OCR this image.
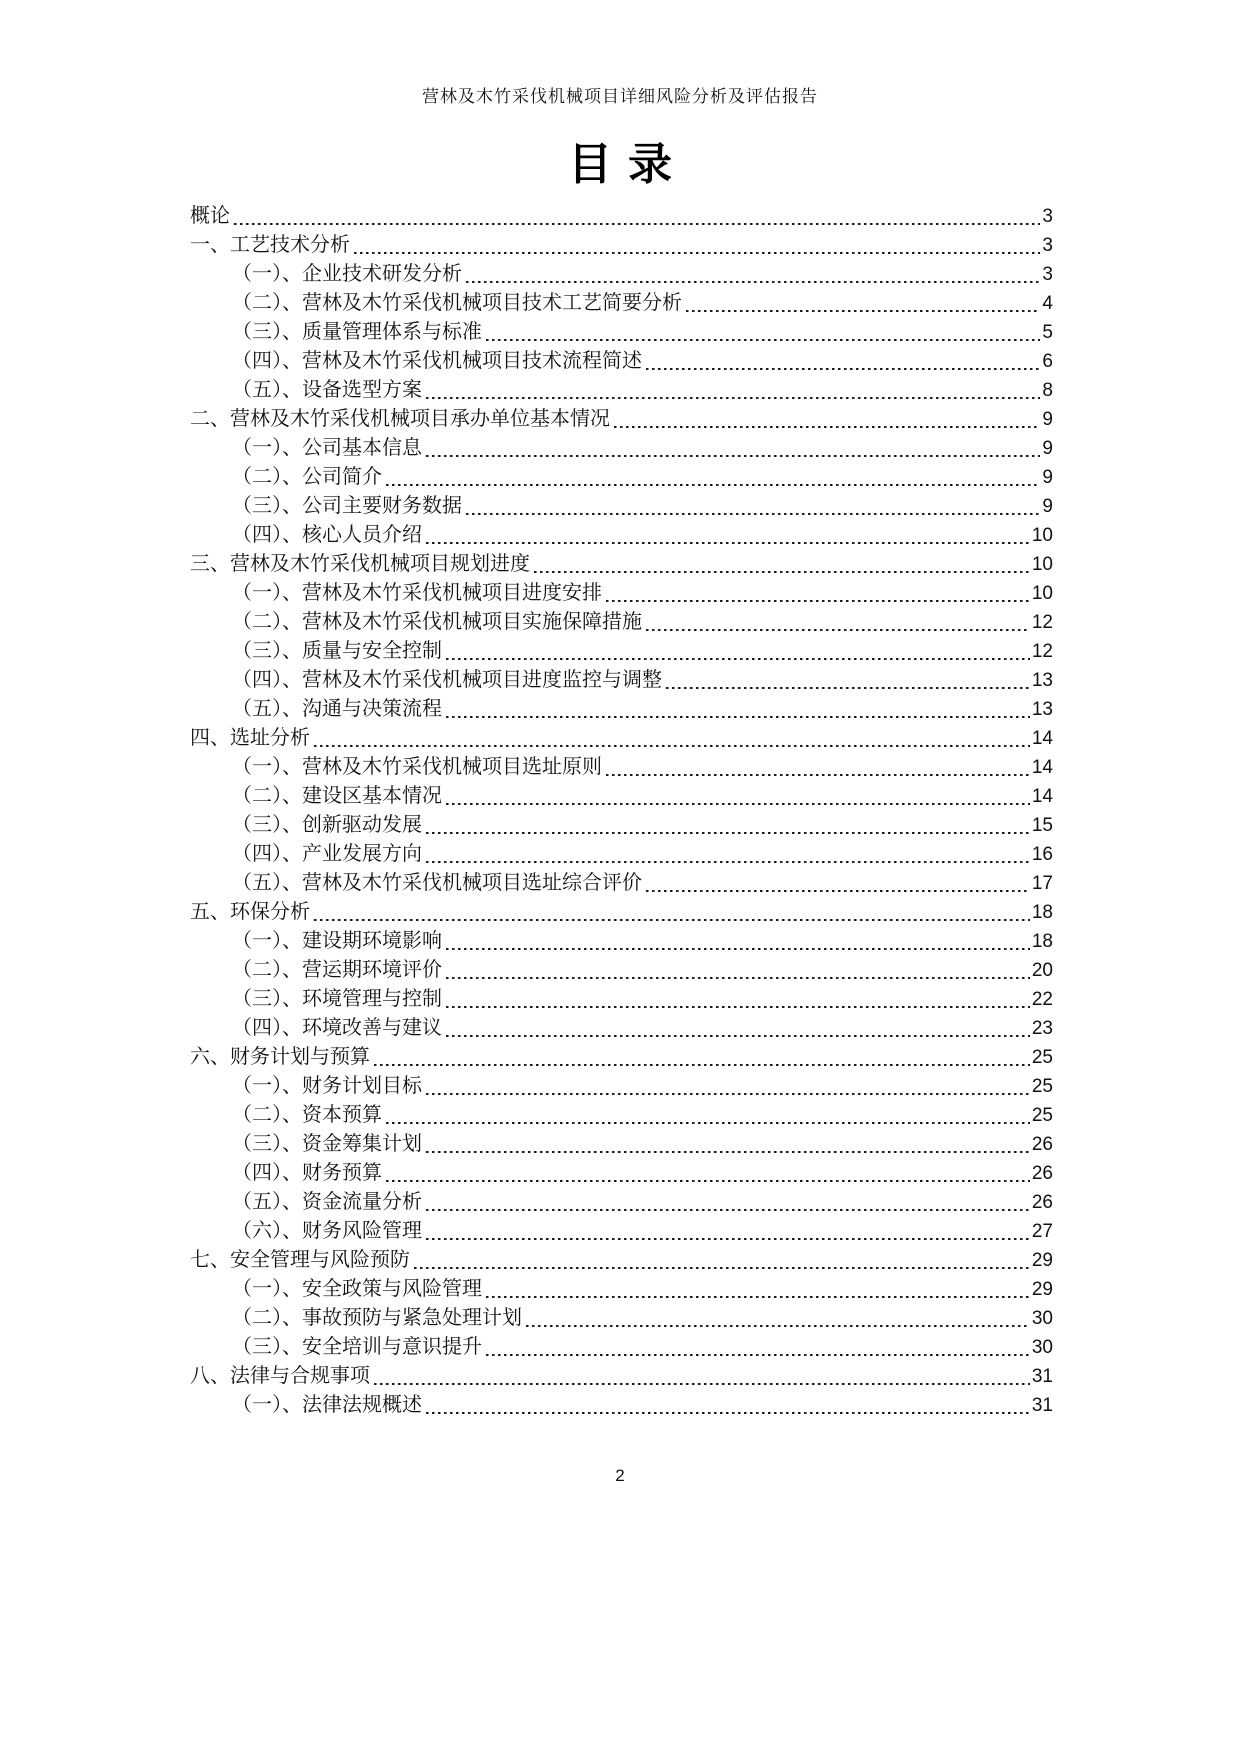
营林及木竹采伐机械项目详细风险分析及评估报告
目录
概论	3
一、工艺技术分析	3
（一）、企业技术研发分析	3
（二）、营林及木竹采伐机械项目技术工艺简要分析	4
（三）、质量管理体系与标准	5
（四）、营林及木竹采伐机械项目技术流程简述	6
（五）、设备选型方案	8
二、营林及木竹采伐机械项目承办单位基本情况	9
（一）、公司基本信息	9
（二）、公司简介	9
（三）、公司主要财务数据	9
（四）、核心人员介绍	10
三、营林及木竹采伐机械项目规划进度	10
（一）、营林及木竹采伐机械项目进度安排	10
（二）、营林及木竹采伐机械项目实施保障措施	12
（三）、质量与安全控制	12
（四）、营林及木竹采伐机械项目进度监控与调整	13
（五）、沟通与决策流程	13
四、选址分析	14
（一）、营林及木竹采伐机械项目选址原则	14
（二）、建设区基本情况	14
（三）、创新驱动发展	15
（四）、产业发展方向	16
（五）、营林及木竹采伐机械项目选址综合评价	17
五、环保分析	18
（一）、建设期环境影响	18
（二）、营运期环境评价	20
（三）、环境管理与控制	22
（四）、环境改善与建议	23
六、财务计划与预算	25
（一）、财务计划目标	25
（二）、资本预算	25
（三）、资金筹集计划	26
（四）、财务预算	26
（五）、资金流量分析	26
（六）、财务风险管理	27
七、安全管理与风险预防	29
（一）、安全政策与风险管理	29
（二）、事故预防与紧急处理计划	30
（三）、安全培训与意识提升	30
八、法律与合规事项	31
（一）、法律法规概述	31
2
